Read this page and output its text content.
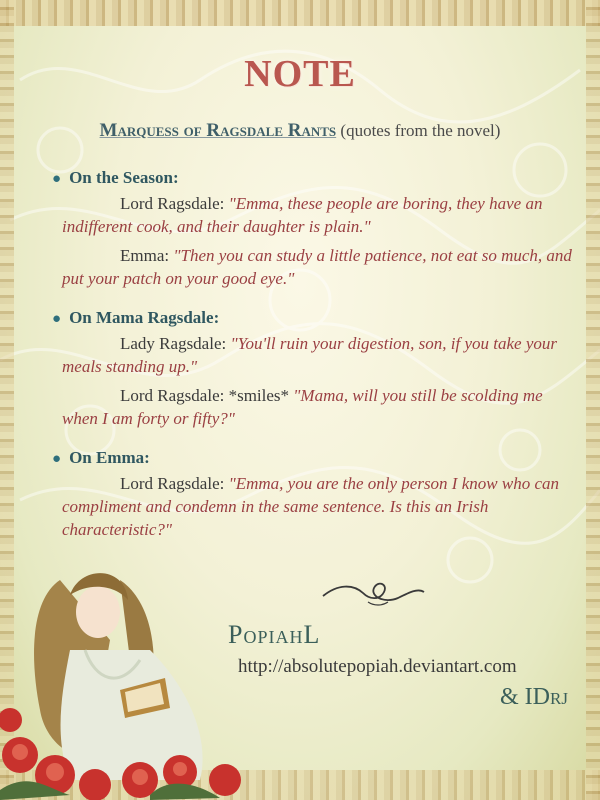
NOTE
Marquess of Ragsdale Rants (quotes from the novel)
● On the Season:
Lord Ragsdale: "Emma, these people are boring, they have an indifferent cook, and their daughter is plain."
Emma: "Then you can study a little patience, not eat so much, and put your patch on your good eye."
● On Mama Ragsdale:
Lady Ragsdale: "You'll ruin your digestion, son, if you take your meals standing up."
Lord Ragsdale: *smiles* "Mama, will you still be scolding me when I am forty or fifty?"
● On Emma:
Lord Ragsdale: "Emma, you are the only person I know who can compliment and condemn in the same sentence. Is this an Irish characteristic?"
PopiahL
http://absolutepopiah.deviantart.com
& IDrj
